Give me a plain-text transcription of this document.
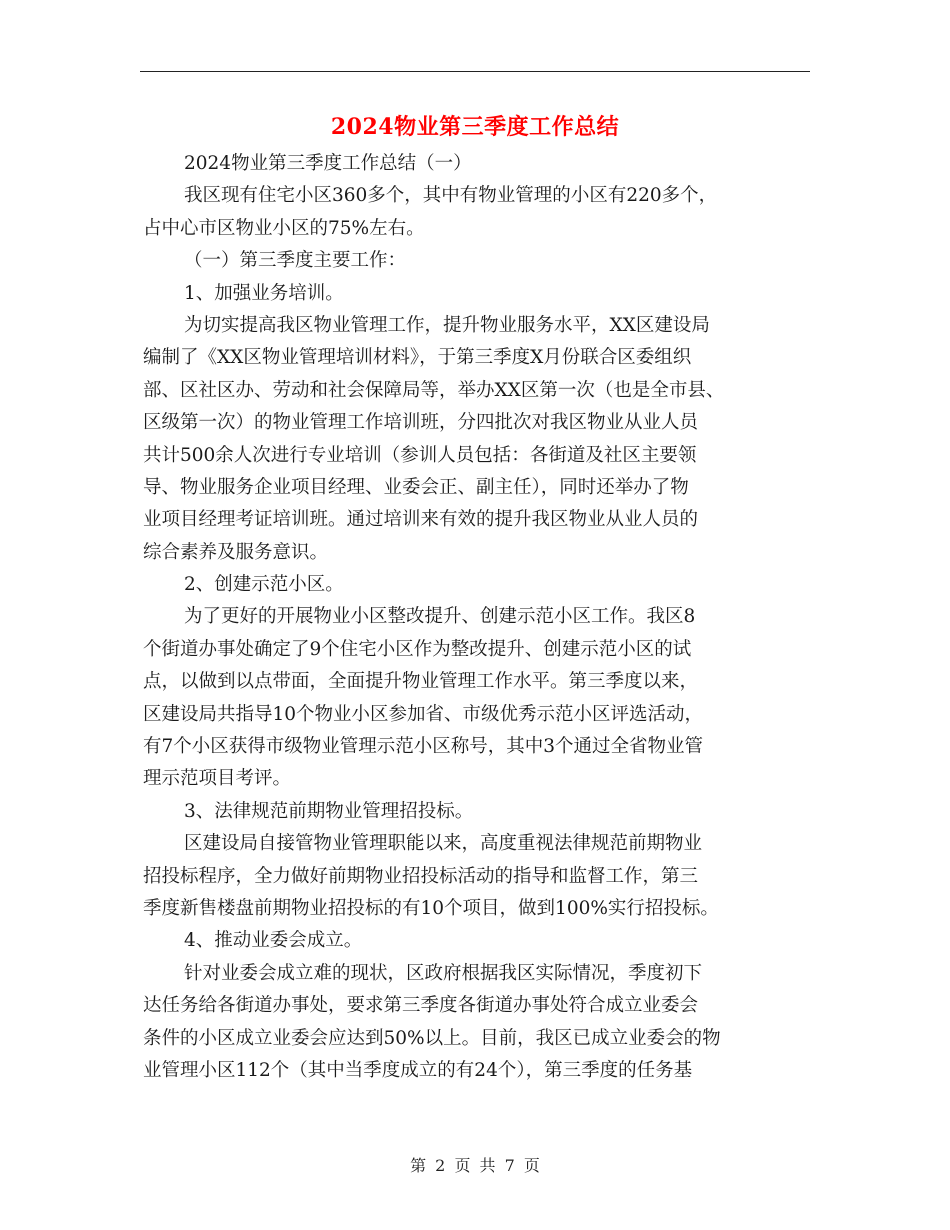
2024物业第三季度工作总结
2024物业第三季度工作总结（一）
我区现有住宅小区360多个，其中有物业管理的小区有220多个，
占中心市区物业小区的75%左右。
（一）第三季度主要工作：
1、加强业务培训。
为切实提高我区物业管理工作，提升物业服务水平，XX区建设局
编制了《XX区物业管理培训材料》，于第三季度X月份联合区委组织
部、区社区办、劳动和社会保障局等，举办XX区第一次（也是全市县、
区级第一次）的物业管理工作培训班，分四批次对我区物业从业人员
共计500余人次进行专业培训（参训人员包括：各街道及社区主要领
导、物业服务企业项目经理、业委会正、副主任），同时还举办了物
业项目经理考证培训班。通过培训来有效的提升我区物业从业人员的
综合素养及服务意识。
2、创建示范小区。
为了更好的开展物业小区整改提升、创建示范小区工作。我区8
个街道办事处确定了9个住宅小区作为整改提升、创建示范小区的试
点，以做到以点带面，全面提升物业管理工作水平。第三季度以来，
区建设局共指导10个物业小区参加省、市级优秀示范小区评选活动，
有7个小区获得市级物业管理示范小区称号，其中3个通过全省物业管
理示范项目考评。
3、法律规范前期物业管理招投标。
区建设局自接管物业管理职能以来，高度重视法律规范前期物业
招投标程序，全力做好前期物业招投标活动的指导和监督工作，第三
季度新售楼盘前期物业招投标的有10个项目，做到100%实行招投标。
4、推动业委会成立。
针对业委会成立难的现状，区政府根据我区实际情况，季度初下
达任务给各街道办事处，要求第三季度各街道办事处符合成立业委会
条件的小区成立业委会应达到50%以上。目前，我区已成立业委会的物
业管理小区112个（其中当季度成立的有24个），第三季度的任务基
第 2 页 共 7 页
